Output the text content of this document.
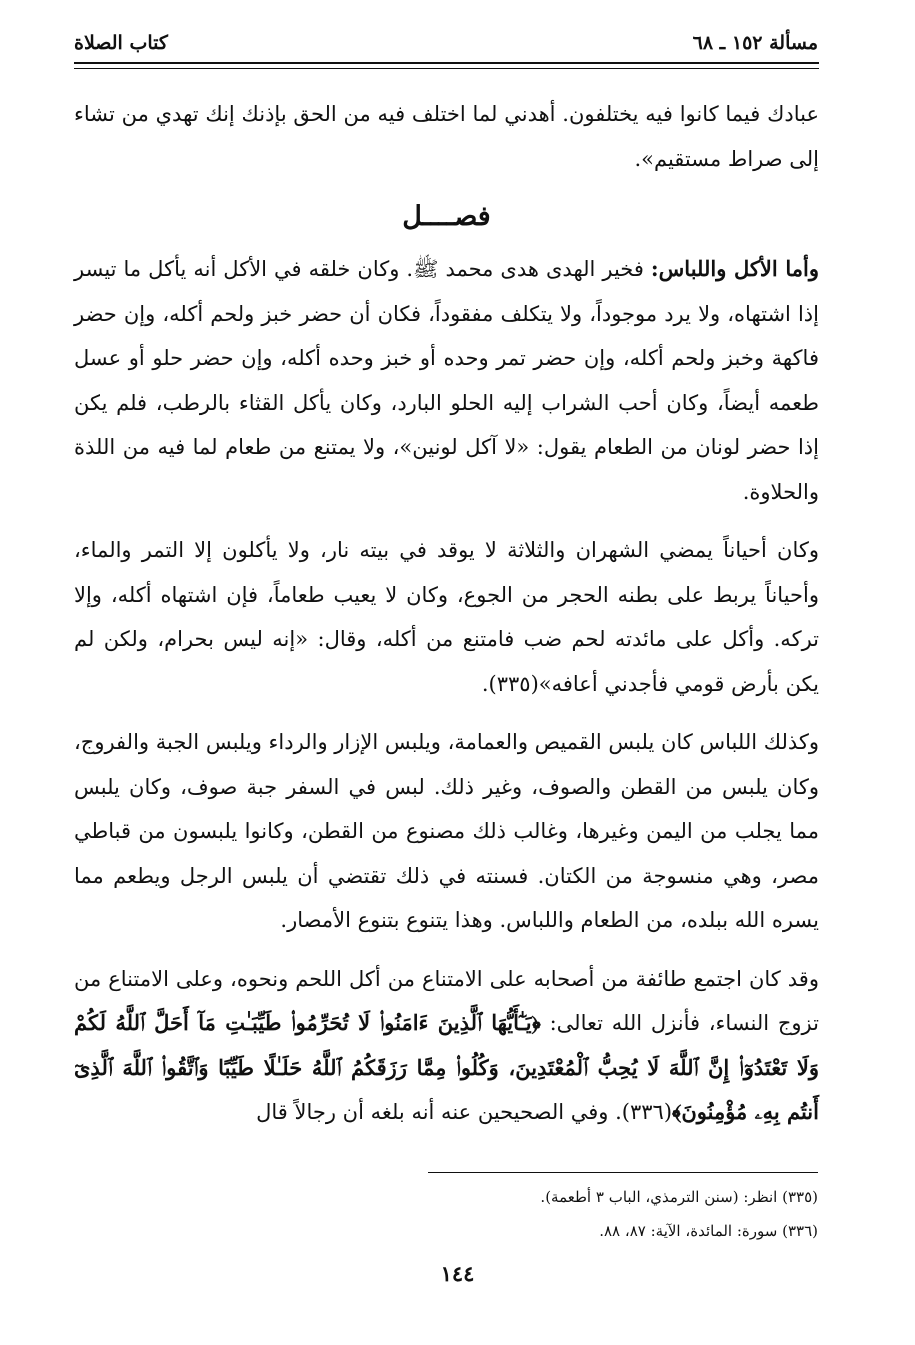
مسألة ١٥٢ ـ ٦٨
كتاب الصلاة

عبادك فيما كانوا فيه يختلفون. أهدني لما اختلف فيه من الحق بإذنك إنك تهدي من تشاء إلى صراط مستقيم».

فصــــل

وأما الأكل واللباس: فخير الهدى هدى محمد ﷺ. وكان خلقه في الأكل أنه يأكل ما تيسر إذا اشتهاه، ولا يرد موجوداً، ولا يتكلف مفقوداً، فكان أن حضر خبز ولحم أكله، وإن حضر فاكهة وخبز ولحم أكله، وإن حضر تمر وحده أو خبز وحده أكله، وإن حضر حلو أو عسل طعمه أيضاً، وكان أحب الشراب إليه الحلو البارد، وكان يأكل القثاء بالرطب، فلم يكن إذا حضر لونان من الطعام يقول: «لا آكل لونين»، ولا يمتنع من طعام لما فيه من اللذة والحلاوة.

وكان أحياناً يمضي الشهران والثلاثة لا يوقد في بيته نار، ولا يأكلون إلا التمر والماء، وأحياناً يربط على بطنه الحجر من الجوع، وكان لا يعيب طعاماً، فإن اشتهاه أكله، وإلا تركه. وأكل على مائدته لحم ضب فامتنع من أكله، وقال: «إنه ليس بحرام، ولكن لم يكن بأرض قومي فأجدني أعافه»(٣٣٥).

وكذلك اللباس كان يلبس القميص والعمامة، ويلبس الإزار والرداء ويلبس الجبة والفروج، وكان يلبس من القطن والصوف، وغير ذلك. لبس في السفر جبة صوف، وكان يلبس مما يجلب من اليمن وغيرها، وغالب ذلك مصنوع من القطن، وكانوا يلبسون من قباطي مصر، وهي منسوجة من الكتان. فسنته في ذلك تقتضي أن يلبس الرجل ويطعم مما يسره الله ببلده، من الطعام واللباس. وهذا يتنوع بتنوع الأمصار.

وقد كان اجتمع طائفة من أصحابه على الامتناع من أكل اللحم ونحوه، وعلى الامتناع من تزوج النساء، فأنزل الله تعالى: ﴿يَـٰٓأَيُّهَا ٱلَّذِينَ ءَامَنُوا۟ لَا تُحَرِّمُوا۟ طَيِّبَـٰتِ مَآ أَحَلَّ ٱللَّهُ لَكُمْ وَلَا تَعْتَدُوٓا۟ إِنَّ ٱللَّهَ لَا يُحِبُّ ٱلْمُعْتَدِينَ، وَكُلُوا۟ مِمَّا رَزَقَكُمُ ٱللَّهُ حَلَـٰلًا طَيِّبًا وَٱتَّقُوا۟ ٱللَّهَ ٱلَّذِىٓ أَنتُم بِهِۦ مُؤْمِنُونَ﴾(٣٣٦). وفي الصحيحين عنه أنه بلغه أن رجالاً قال

(٣٣٥) انظر: (سنن الترمذي، الباب ٣ أطعمة).
(٣٣٦) سورة: المائدة، الآية: ٨٧، ٨٨.
١٤٤
